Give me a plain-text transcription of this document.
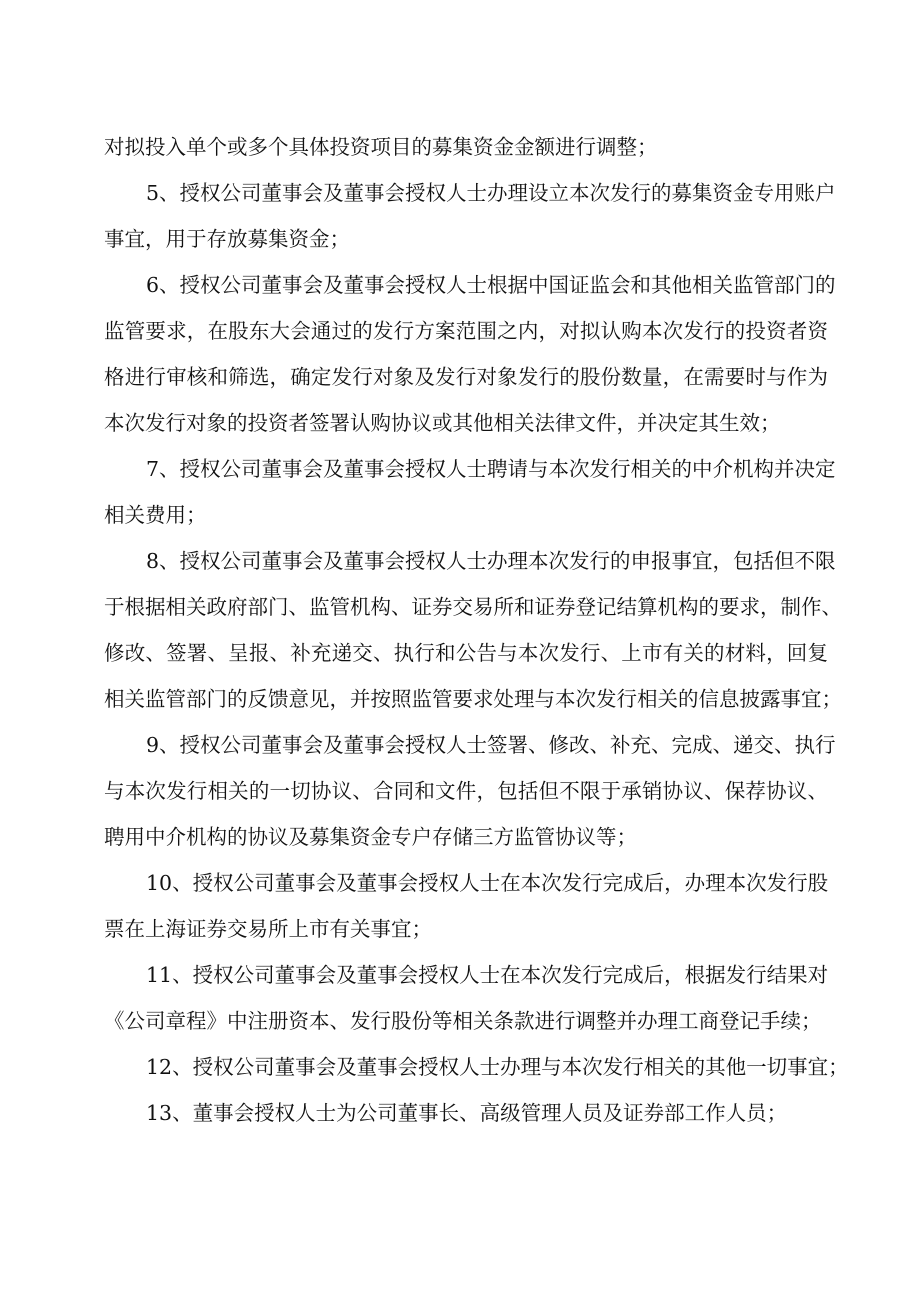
对拟投入单个或多个具体投资项目的募集资金金额进行调整；

5、授权公司董事会及董事会授权人士办理设立本次发行的募集资金专用账户
事宜，用于存放募集资金；

6、授权公司董事会及董事会授权人士根据中国证监会和其他相关监管部门的
监管要求，在股东大会通过的发行方案范围之内，对拟认购本次发行的投资者资
格进行审核和筛选，确定发行对象及发行对象发行的股份数量，在需要时与作为
本次发行对象的投资者签署认购协议或其他相关法律文件，并决定其生效；

7、授权公司董事会及董事会授权人士聘请与本次发行相关的中介机构并决定
相关费用；

8、授权公司董事会及董事会授权人士办理本次发行的申报事宜，包括但不限
于根据相关政府部门、监管机构、证券交易所和证券登记结算机构的要求，制作、
修改、签署、呈报、补充递交、执行和公告与本次发行、上市有关的材料，回复
相关监管部门的反馈意见，并按照监管要求处理与本次发行相关的信息披露事宜；

9、授权公司董事会及董事会授权人士签署、修改、补充、完成、递交、执行
与本次发行相关的一切协议、合同和文件，包括但不限于承销协议、保荐协议、
聘用中介机构的协议及募集资金专户存储三方监管协议等；

10、授权公司董事会及董事会授权人士在本次发行完成后，办理本次发行股
票在上海证券交易所上市有关事宜；

11、授权公司董事会及董事会授权人士在本次发行完成后，根据发行结果对
《公司章程》中注册资本、发行股份等相关条款进行调整并办理工商登记手续；

12、授权公司董事会及董事会授权人士办理与本次发行相关的其他一切事宜；

13、董事会授权人士为公司董事长、高级管理人员及证券部工作人员；
